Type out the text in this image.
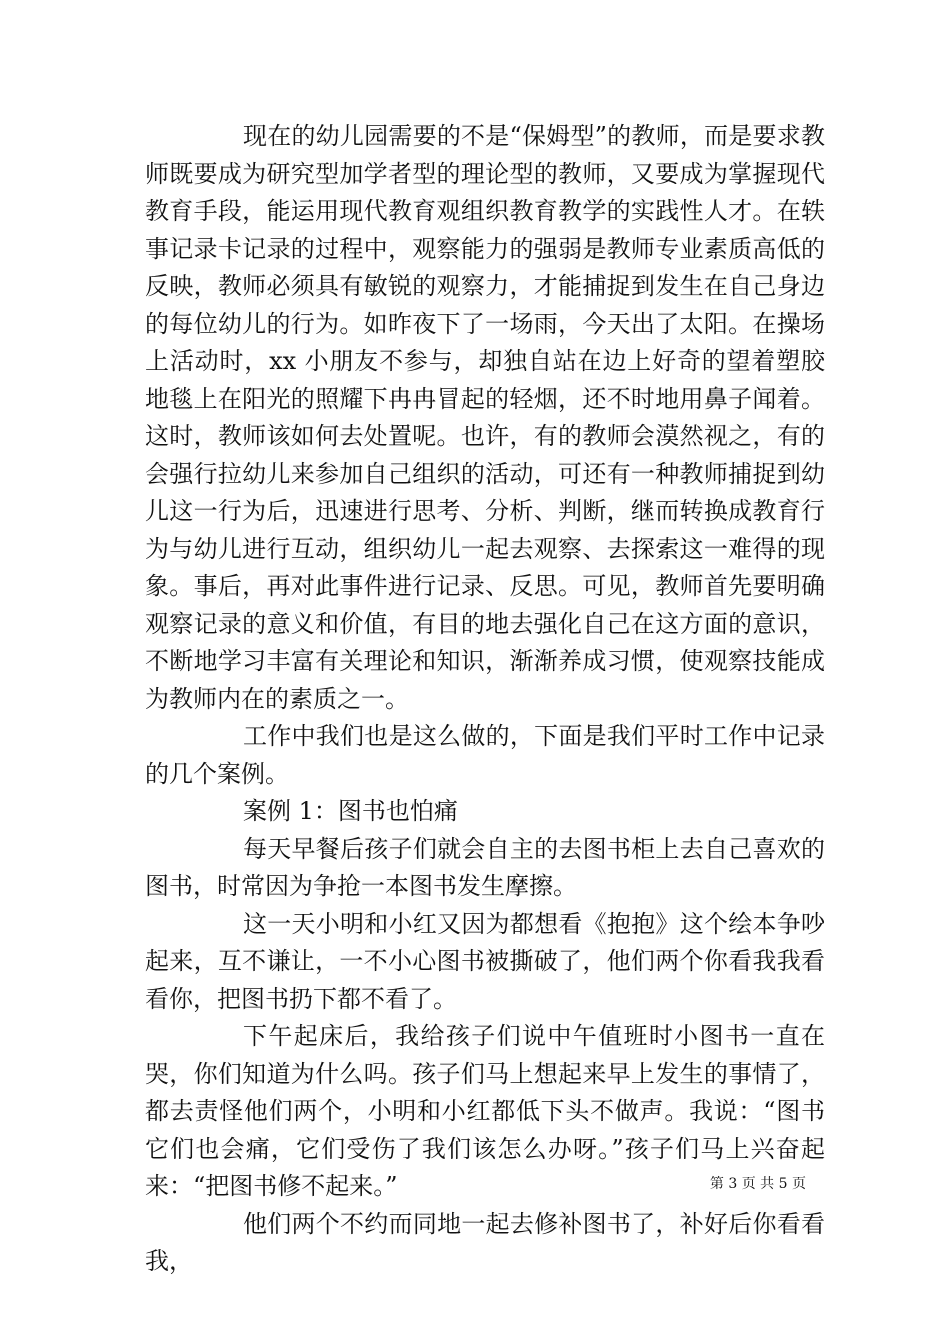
现在的幼儿园需要的不是“保姆型”的教师，而是要求教师既要成为研究型加学者型的理论型的教师，又要成为掌握现代教育手段，能运用现代教育观组织教育教学的实践性人才。在轶事记录卡记录的过程中，观察能力的强弱是教师专业素质高低的反映，教师必须具有敏锐的观察力，才能捕捉到发生在自己身边的每位幼儿的行为。如昨夜下了一场雨，今天出了太阳。在操场上活动时，xx 小朋友不参与，却独自站在边上好奇的望着塑胶地毯上在阳光的照耀下冉冉冒起的轻烟，还不时地用鼻子闻着。这时，教师该如何去处置呢。也许，有的教师会漠然视之，有的会强行拉幼儿来参加自己组织的活动，可还有一种教师捕捉到幼儿这一行为后，迅速进行思考、分析、判断，继而转换成教育行为与幼儿进行互动，组织幼儿一起去观察、去探索这一难得的现象。事后，再对此事件进行记录、反思。可见，教师首先要明确观察记录的意义和价值，有目的地去强化自己在这方面的意识，不断地学习丰富有关理论和知识，渐渐养成习惯，使观察技能成为教师内在的素质之一。

工作中我们也是这么做的，下面是我们平时工作中记录的几个案例。

案例 1：图书也怕痛

每天早餐后孩子们就会自主的去图书柜上去自己喜欢的图书，时常因为争抢一本图书发生摩擦。

这一天小明和小红又因为都想看《抱抱》这个绘本争吵起来，互不谦让，一不小心图书被撕破了，他们两个你看我我看看你，把图书扔下都不看了。

下午起床后，我给孩子们说中午值班时小图书一直在哭，你们知道为什么吗。孩子们马上想起来早上发生的事情了，都去责怪他们两个，小明和小红都低下头不做声。我说：“图书它们也会痛，它们受伤了我们该怎么办呀。”孩子们马上兴奋起来：“把图书修不起来。”

他们两个不约而同地一起去修补图书了，补好后你看看我，

第 3 页 共 5 页
